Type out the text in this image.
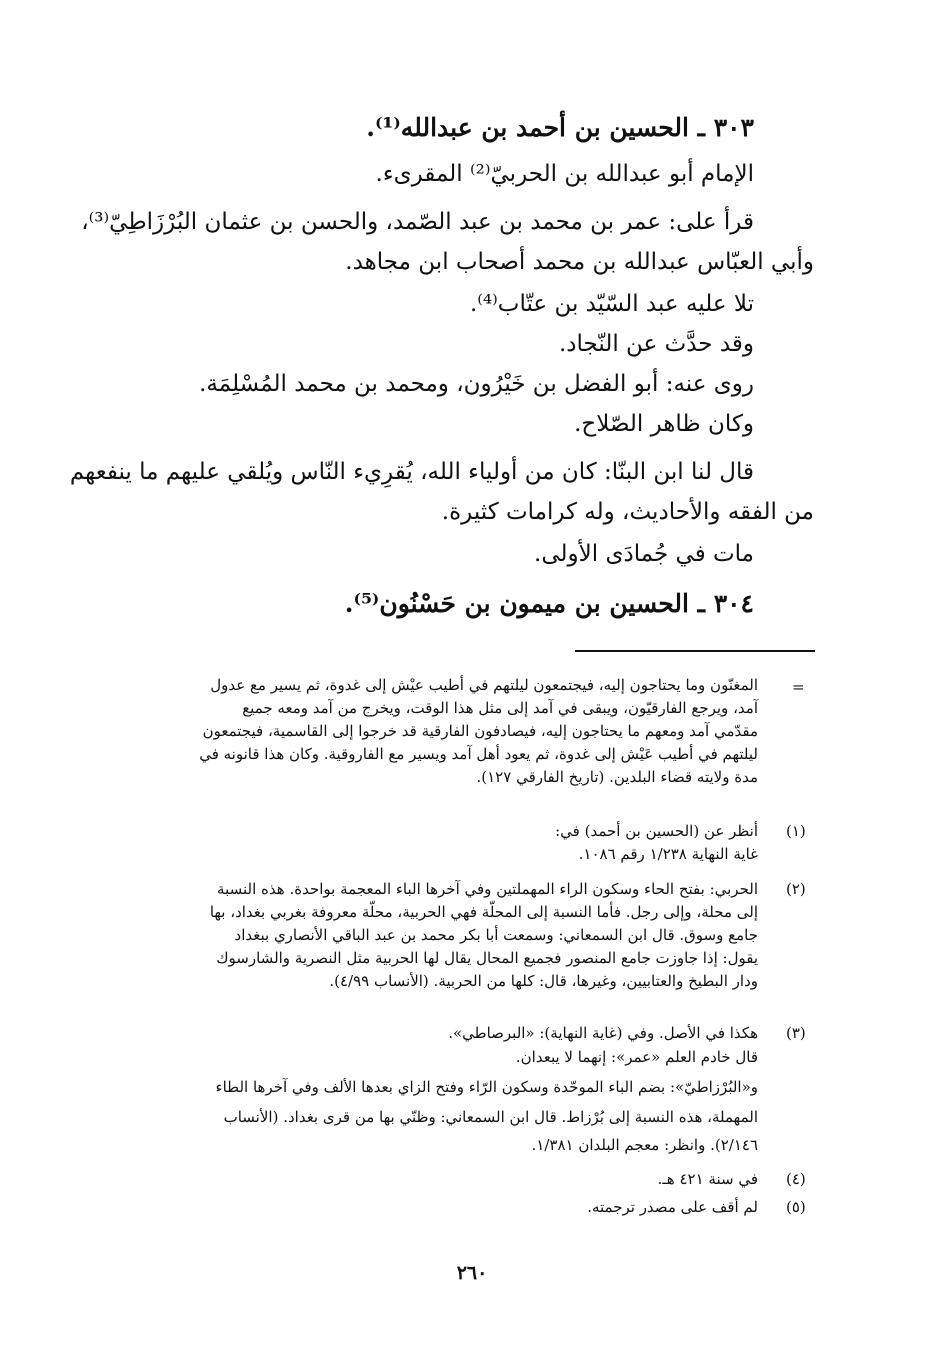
٣٠٣ ـ الحسين بن أحمد بن عبدالله⁽¹⁾.
الإمام أبو عبدالله بن الحربيّ⁽²⁾ المقرىء.
قرأ على: عمر بن محمد بن عبد الصّمد، والحسن بن عثمان البُرْزَاطِيّ⁽³⁾،
وأبي العبّاس عبدالله بن محمد أصحاب ابن مجاهد.
تلا عليه عبد السّيّد بن عتّاب⁽⁴⁾.
وقد حدَّث عن النّجاد.
روى عنه: أبو الفضل بن خَيْرُون، ومحمد بن محمد المُسْلِمَة.
وكان ظاهر الصّلاح.
قال لنا ابن البنّا: كان من أولياء الله، يُقرِيء النّاس ويُلقي عليهم ما ينفعهم
من الفقه والأحاديث، وله كرامات كثيرة.
مات في جُمادَى الأولى.
٣٠٤ ـ الحسين بن ميمون بن حَسْنُون⁽⁵⁾.
=
المغنّون وما يحتاجون إليه، فيجتمعون ليلتهم في أطيب عيْش إلى غدوة، ثم يسير مع عدول
آمد، ويرجع الفارقيّون، ويبقى في آمد إلى مثل هذا الوقت، ويخرج من آمد ومعه جميع
مقدّمي آمد ومعهم ما يحتاجون إليه، فيصادفون الفارقية قد خرجوا إلى القاسمية، فيجتمعون
ليلتهم في أطيب عَيْش إلى غدوة، ثم يعود أهل آمد ويسير مع الفاروقية. وكان هذا قانونه في
مدة ولايته قضاء البلدين. (تاريخ الفارقي ١٢٧).
(١)
أنظر عن (الحسين بن أحمد) في:
غاية النهاية ١/٢٣٨ رقم ١٠٨٦.
(٢)
الحربي: بفتح الحاء وسكون الراء المهملتين وفي آخرها الباء المعجمة بواحدة. هذه النسبة
إلى محلة، وإلى رجل. فأما النسبة إلى المحلّة فهي الحربية، محلّة معروفة بغربي بغداد، بها
جامع وسوق. قال ابن السمعاني: وسمعت أبا بكر محمد بن عبد الباقي الأنصاري ببغداد
يقول: إذا جاوزت جامع المنصور فجميع المحال يقال لها الحربية مثل النصرية والشارسوك
ودار البطيخ والعتابيين، وغيرها، قال: كلها من الحربية. (الأنساب ٤/٩٩).
(٣)
هكذا في الأصل. وفي (غاية النهاية): «البرصاطي».
قال خادم العلم «عمر»: إنهما لا يبعدان.
و«البُرْزاطيّ»: بضم الباء الموحّدة وسكون الرّاء وفتح الزاي بعدها الألف وفي آخرها الطاء
المهملة، هذه النسبة إلى بُرْزاط. قال ابن السمعاني: وظنّي بها من قرى بغداد. (الأنساب
٢/١٤٦). وانظر: معجم البلدان ١/٣٨١.
(٤)
في سنة ٤٢١ هـ.
(٥)
لم أقف على مصدر ترجمته.
٢٦٠
